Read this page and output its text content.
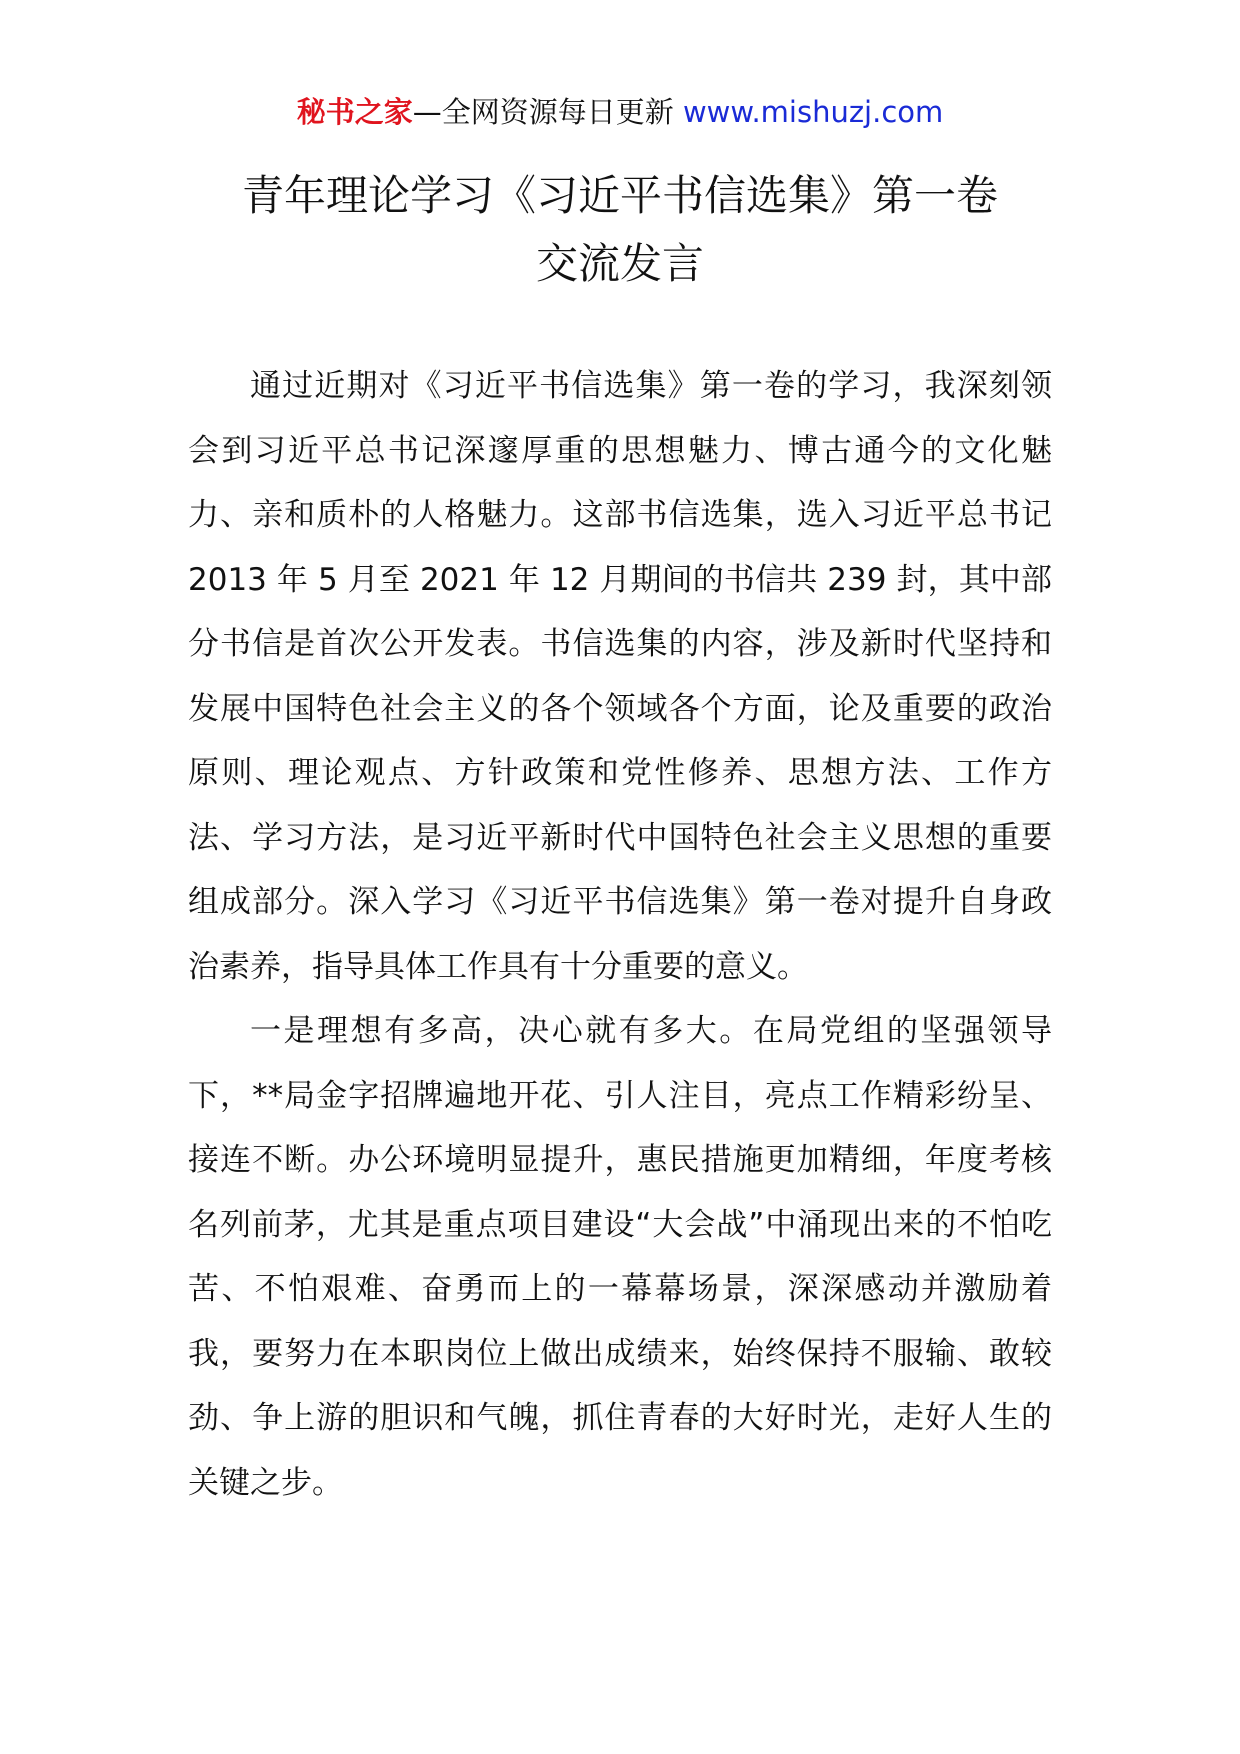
秘书之家—全网资源每日更新 www.mishuzj.com
青年理论学习《习近平书信选集》第一卷
交流发言

通过近期对《习近平书信选集》第一卷的学习，我深刻领会到习近平总书记深邃厚重的思想魅力、博古通今的文化魅力、亲和质朴的人格魅力。这部书信选集，选入习近平总书记 2013 年 5 月至 2021 年 12 月期间的书信共 239 封，其中部分书信是首次公开发表。书信选集的内容，涉及新时代坚持和发展中国特色社会主义的各个领域各个方面，论及重要的政治原则、理论观点、方针政策和党性修养、思想方法、工作方法、学习方法，是习近平新时代中国特色社会主义思想的重要组成部分。深入学习《习近平书信选集》第一卷对提升自身政治素养，指导具体工作具有十分重要的意义。

一是理想有多高，决心就有多大。在局党组的坚强领导下，**局金字招牌遍地开花、引人注目，亮点工作精彩纷呈、接连不断。办公环境明显提升，惠民措施更加精细，年度考核名列前茅，尤其是重点项目建设“大会战”中涌现出来的不怕吃苦、不怕艰难、奋勇而上的一幕幕场景，深深感动并激励着我，要努力在本职岗位上做出成绩来，始终保持不服输、敢较劲、争上游的胆识和气魄，抓住青春的大好时光，走好人生的关键之步。
